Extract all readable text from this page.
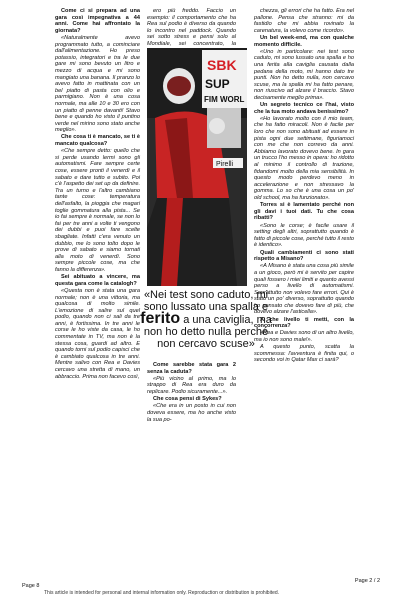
Come ci si prepara ad una gara così impegnativa a 44 anni. Come hai affrontato la giornata?

«Naturalmente avevo programmato tutto, a cominciare dall'alimentazione. Ho preso potassio, integratori e tra le due gare mi sono bevuto un litro e mezzo di acqua e mi sono mangiato una banana. Il pranzo lo avevo fatto in mattinata con un bel piatto di pasta con olio e parmigiano. Non è una cosa normale, ma alle 10 e 30 ero con un piatto di penne davanti! Stavo bene e quando ho visto il puntino verde nel mirino sono stato anche meglio».

Che cosa ti è mancato, se ti è mancato qualcosa?

«Che sempre detto: quello che si perde usando lermi sono gli automatismi. Fare sempre certe cose, essere pronti il venerdì e il sabato e dare tutto e subito. Poi c'è l'aspetto dei set up da definire. Tra un turno e l'altro cambiano tante cose: temperatura dell'asfalto, la pioggia che magari toglie gommatura alla pista... Se io fai sempre è normale, se non lo fai per tre anni a volte ti vengono dei dubbi e puoi fare scelte sbagliate. Infatti c'era venuto un dubbio, me lo sono tolto dopo le prove di sabato e siamo tornati alla moto di venerdì. Sono sempre piccole cose, ma che fanno la differenza».

Sei abituato a vincere, ma questa gara come la catalogh?

«Questa non è stata una gara normale; non è una vittoria, ma qualcosa di molto simile. L'emozione di salire sul quel podio, quando non ci sali da tre anni, è fortissima. In tre anni le corse le ho viste da casa, le ho commentate in TV, ma non è la stessa cosa, guardi ad altro. E quando torni sul podio capisci che è cambiato qualcosa in tre anni. Mentre salivo con Rea e Davies cercavo una stretta di mano, un abbraccio. Prima non facevo così,

ero più freddo. Faccio un esempio: il comportamento che ha Rea sul podio è diverso da quando lo incontro nel paddock. Quando sei sotto stress e pensi solo al Mondiale, sei concentrato, la

SBK
SUP
FIM WORL
Pirelli
«Nei test sono caduto, mi sono lussato una spalla e ferito a una caviglia, ma non ho detto nulla perché non cercavo scuse»

Come sarebbe stata gara 2 senza la caduta?

«Più vicino al primo, ma lo strappo di Rea era duro da replicare. Podio sicuramente...».

Che cosa pensi di Sykes?

«Che era in un posto in cui non doveva essere, ma ho anche visto la sua po-

chezza, gli errori che ha fatto. Era nel pallone. Pensa che stranno: mi da fastidio che mi abbia rovinato la carenatura, la volevo come ricordo».

Un bel week-end, ma con qualche momento difficile.

«Uno in particolare: nei test sono caduto, mi sono lussato una spalla e ho una ferita alla caviglia causata dalla pedana della moto, mi hanno dato tre punti. Non ho detto nulla, non cercavo scuse, ma la spalla mi ha fatto penare, non riuscivo ad alzare il braccio. Stavo decisamente meglio prima».

Un segreto tecnico ce l'hai, visto che la tua moto andava benissimo?

«Ho lavorato molto con il mio team, che ha fatto miracoli. Non è facile per loro che non sono abituati ad essere in pista ogni due settimane, figuriamoci con me che non correvo da anni. Abbiamo lavorato dovevo bene. In gara un trucco l'ho messo in opera: ho ridotto al minimo il controllo di trazione, fidandomi molto della mia sensibilità. In questo modo perdevo meno in accelerazione e non stressavo la gomma. Lo so che è una cosa un po' old school, ma ha funzionato».

Torres si è lamentato perché non gli davi i tuoi dati. Tu che cosa ribatti?

«Sono le corse; è facile usare il setting degli altri, soprattutto quando è fatto di piccole cose, perché tutto il resto è identico».

Quali cambiamenti ci sono stati rispetto a Misano?

«A Misano è stata una cosa più simile a un gioco, però mi è servito per capire quali fossero i miei limiti e quanto avessi perso a livello di automatismi. Soprattutto non volevo fare errori. Qui è stato un po' diverso, soprattutto quando ho pensato che dovevo fare di più, che dovevo alzare l'asticella».

A che livello ti metti, con la concorrenza?

«Rea e Davies sono di un altro livello, ma io non sono male!».

A questo punto, scatta la scommessa: l'avventura è finita qui, o secondo voi in Qatar Max ci sarà?

Page 8
Page 2 / 2
This article is intended for personal and internal information only. Reproduction or distribution is prohibited.
